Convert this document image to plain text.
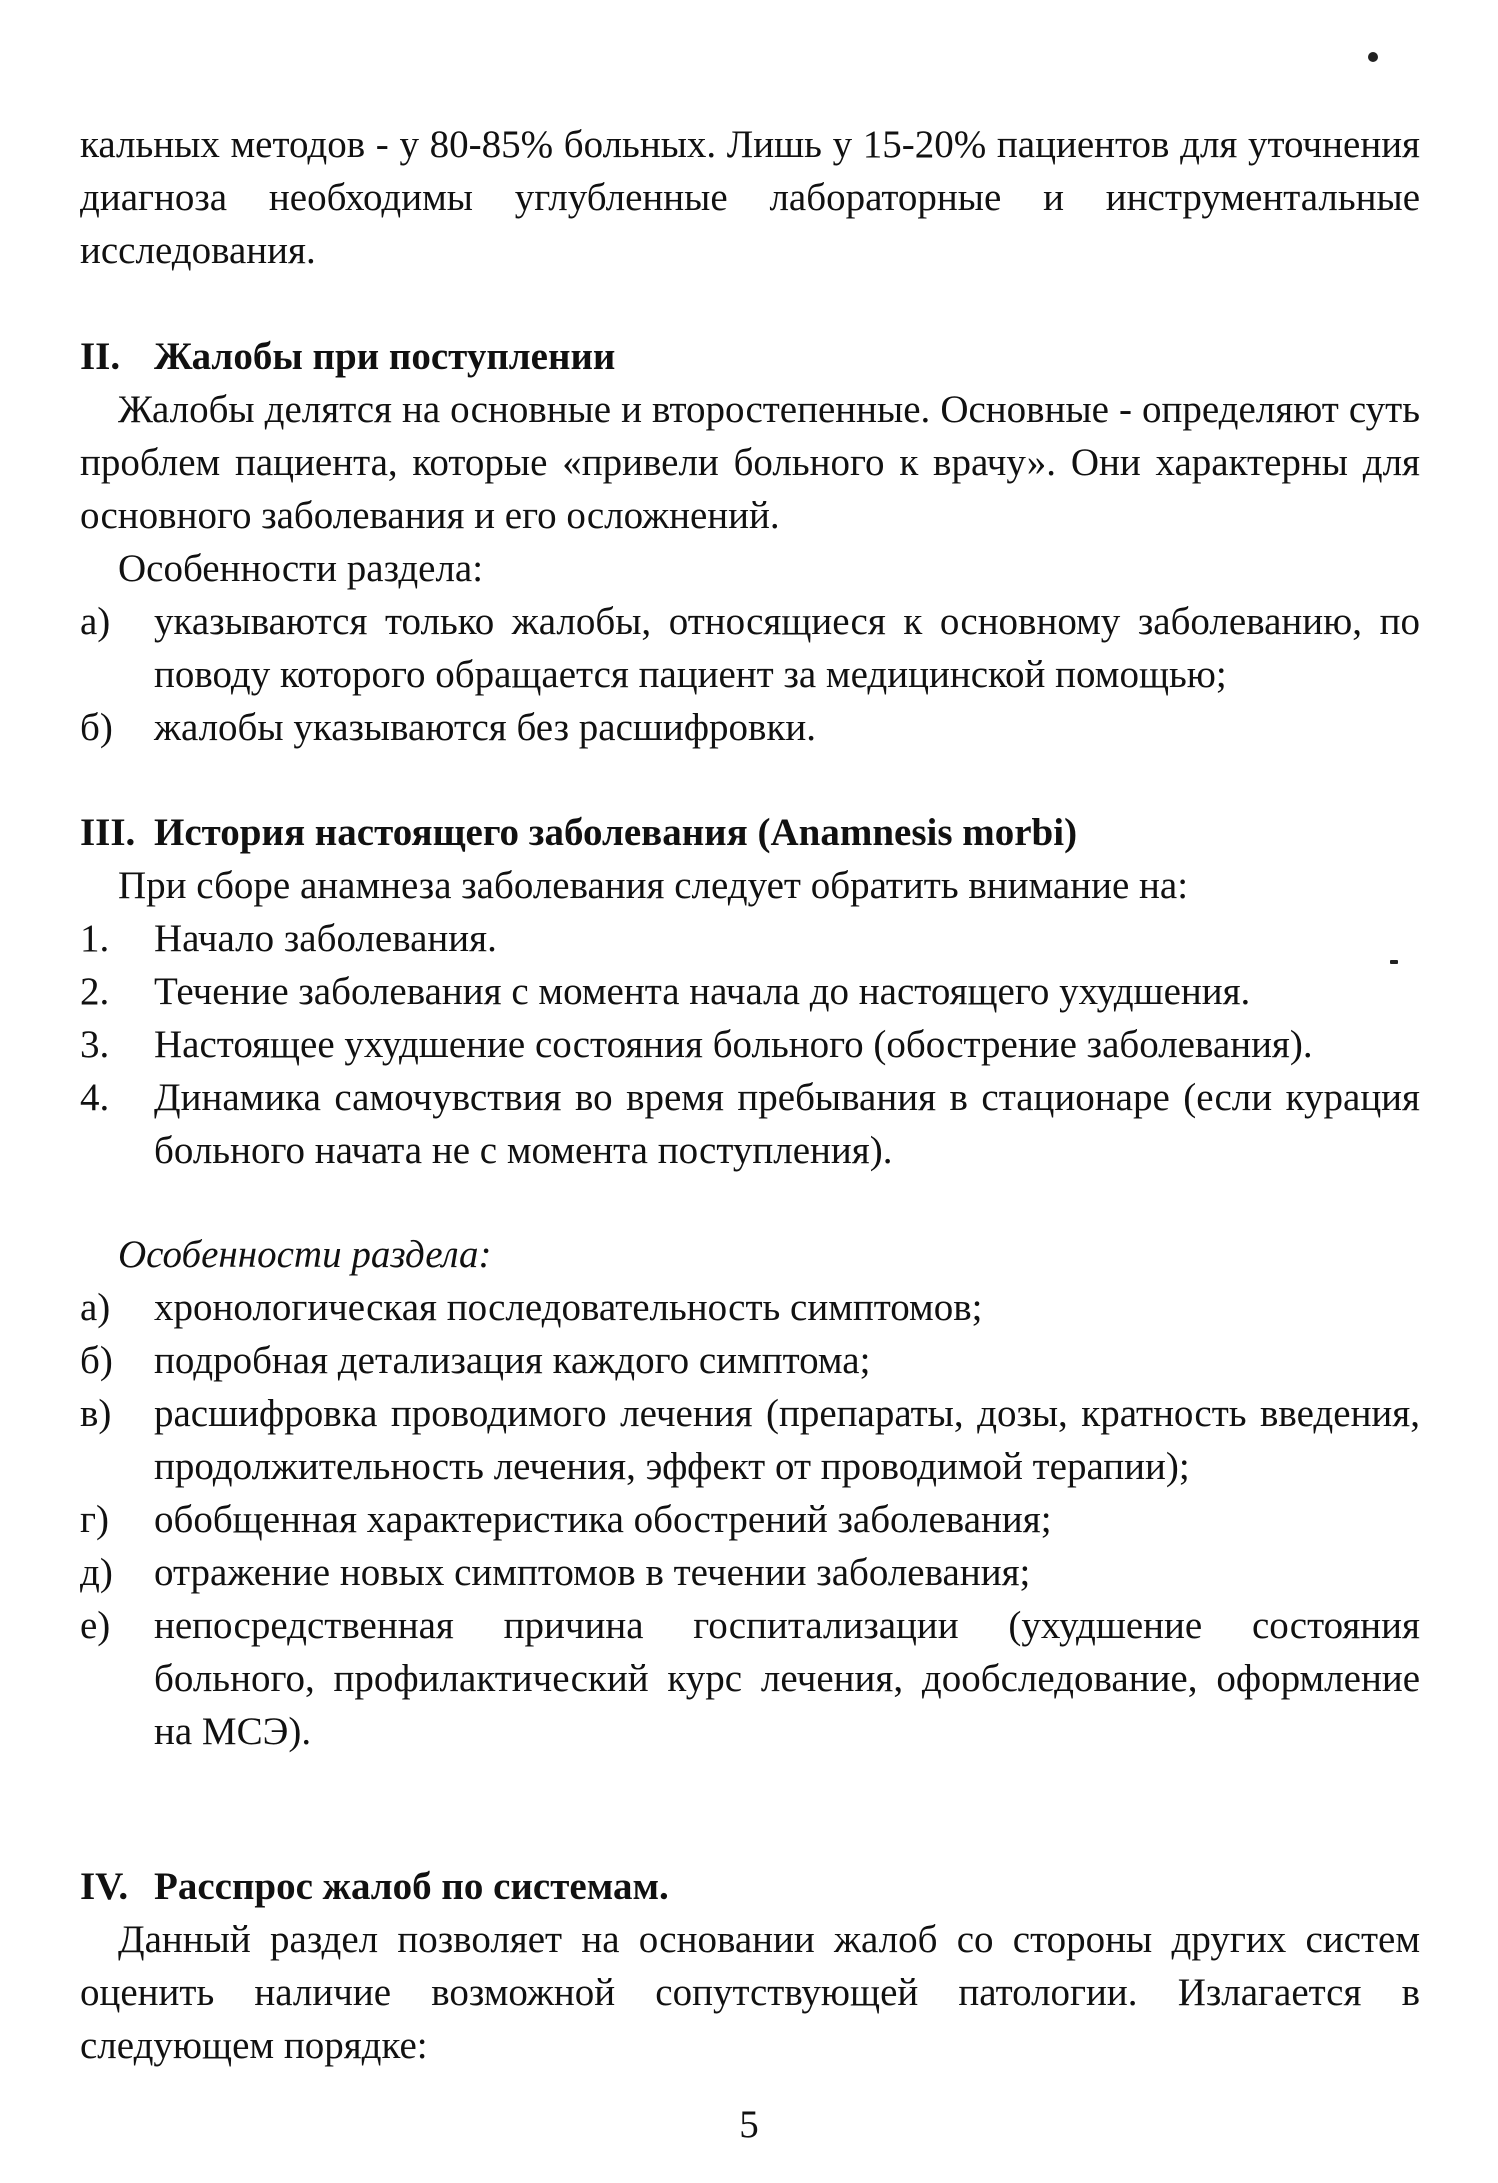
кальных методов - у 80-85% больных. Лишь у 15-20% пациентов для уточнения диагноза необходимы углубленные лабораторные и инструментальные исследования.

II. Жалобы при поступлении

Жалобы делятся на основные и второстепенные. Основные - определяют суть проблем пациента, которые «привели больного к врачу». Они характерны для основного заболевания и его осложнений.

Особенности раздела:

а)	указываются только жалобы, относящиеся к основному заболеванию, по поводу которого обращается пациент за медицинской помощью;
б)	жалобы указываются без расшифровки.
III. История настоящего заболевания (Anamnesis morbi)

При сборе анамнеза заболевания следует обратить внимание на:

1.	Начало заболевания.
2.	Течение заболевания с момента начала до настоящего ухудшения.
3.	Настоящее ухудшение состояния больного (обострение заболевания).
4.	Динамика самочувствия во время пребывания в стационаре (если курация больного начата не с момента поступления).

Особенности раздела:

а)	хронологическая последовательность симптомов;
б)	подробная детализация каждого симптома;
в)	расшифровка проводимого лечения (препараты, дозы, кратность введения, продолжительность лечения, эффект от проводимой терапии);
г)	обобщенная характеристика обострений заболевания;
д)	отражение новых симптомов в течении заболевания;
е)	непосредственная причина госпитализации (ухудшение состояния больного, профилактический курс лечения, дообследование, оформление на МСЭ).
IV. Расспрос жалоб по системам.

Данный раздел позволяет на основании жалоб со стороны других систем оценить наличие возможной сопутствующей патологии. Излагается в следующем порядке:

5
